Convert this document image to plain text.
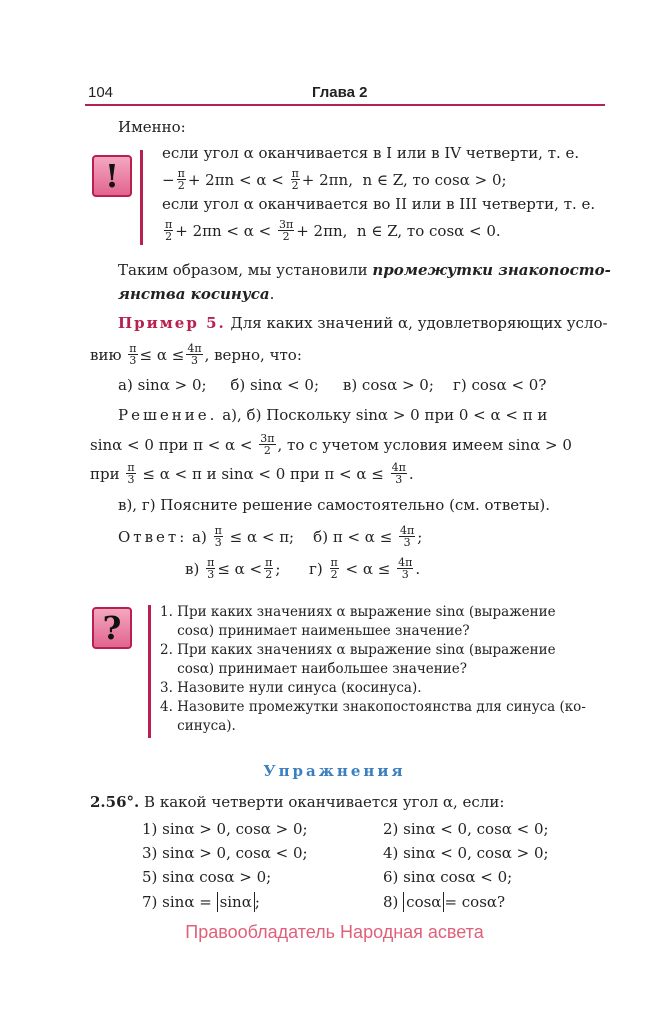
104	Глава 2
Именно:
!
если угол α оканчивается в I или в IV четверти, т. е.
− $\frac{\pi}{2} + 2\pi n < \alpha < \frac{\pi}{2} + 2\pi n$,  n ∈ Z, то cosα > 0;
если угол α оканчивается во II или в III четверти, т. е.
$\frac{\pi}{2} + 2\pi n < \alpha < \frac{3\pi}{2} + 2\pi n$,  n ∈ Z, то cosα < 0.
Таким образом, мы установили промежутки знакопосто-
янства косинуса .
Пример 5. Для каких значений α, удовлетворяющих усло-
вию $\frac{\pi}{3} \le \alpha \le \frac{4\pi}{3}$ , верно, что:
а) sinα > 0;     б) sinα < 0;     в) cosα > 0;    г) cosα < 0?
Решение. а), б) Поскольку sinα > 0 при 0 < α < π и
sinα < 0 при $\pi < \alpha < \frac{3\pi}{2}$ , то с учетом условия имеем sinα > 0
при $\frac{\pi}{3} \le \alpha < \pi$ и sinα < 0 при $\pi < \alpha \le \frac{4\pi}{3}$ .
в), г) Поясните решение самостоятельно (см. ответы).
Ответ: $а) \frac{\pi}{3} \le \alpha < \pi$;    б) $\pi < \alpha \le \frac{4\pi}{3}$ ;
$в) \frac{\pi}{3} \le \alpha < \frac{\pi}{2}$ ;      $г) \frac{\pi}{2} < \alpha \le \frac{4\pi}{3}$ .
?	1. При каких значениях α выражение sinα (выражение
cosα) принимает наименьшее значение?
2. При каких значениях α выражение sinα (выражение
cosα) принимает наибольшее значение?
3. Назовите нули синуса (косинуса).
4. Назовите промежутки знакопостоянства для синуса (ко-
синуса).
Упражнения
2.56°. В какой четверти оканчивается угол α, если:
1) sinα > 0, cosα > 0;	2) sinα < 0, cosα < 0;
3) sinα > 0, cosα < 0;	4) sinα < 0, cosα > 0;
5) sinα cosα > 0;	6) sinα cosα < 0;
7) sinα = sinα ;	8) cosα = cosα?
Правообладатель Народная асвета
